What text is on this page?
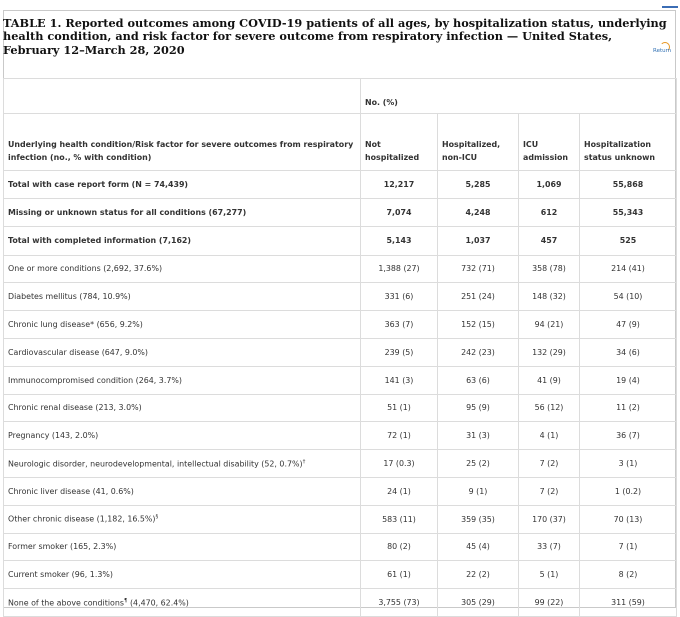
TABLE 1. Reported outcomes among COVID-19 patients of all ages, by hospitalization status, underlying health condition, and risk factor for severe outcome from respiratory infection — United States, February 12–March 28, 2020	Return
	No. (%)			
Underlying health condition/Risk factor for severe outcomes from respiratory infection (no., % with condition)	Not hospitalized	Hospitalized, non-ICU	ICU admission	Hospitalization status unknown
Total with case report form (N = 74,439)	12,217	5,285	1,069	55,868
Missing or unknown status for all conditions (67,277)	7,074	4,248	612	55,343
Total with completed information (7,162)	5,143	1,037	457	525
One or more conditions (2,692, 37.6%)	1,388 (27)	732 (71)	358 (78)	214 (41)
Diabetes mellitus (784, 10.9%)	331 (6)	251 (24)	148 (32)	54 (10)
Chronic lung disease* (656, 9.2%)	363 (7)	152 (15)	94 (21)	47 (9)
Cardiovascular disease (647, 9.0%)	239 (5)	242 (23)	132 (29)	34 (6)
Immunocompromised condition (264, 3.7%)	141 (3)	63 (6)	41 (9)	19 (4)
Chronic renal disease (213, 3.0%)	51 (1)	95 (9)	56 (12)	11 (2)
Pregnancy (143, 2.0%)	72 (1)	31 (3)	4 (1)	36 (7)
Neurologic disorder, neurodevelopmental, intellectual disability (52, 0.7%)†	17 (0.3)	25 (2)	7 (2)	3 (1)
Chronic liver disease (41, 0.6%)	24 (1)	9 (1)	7 (2)	1 (0.2)
Other chronic disease (1,182, 16.5%)§	583 (11)	359 (35)	170 (37)	70 (13)
Former smoker (165, 2.3%)	80 (2)	45 (4)	33 (7)	7 (1)
Current smoker (96, 1.3%)	61 (1)	22 (2)	5 (1)	8 (2)
None of the above conditions¶ (4,470, 62.4%)	3,755 (73)	305 (29)	99 (22)	311 (59)
